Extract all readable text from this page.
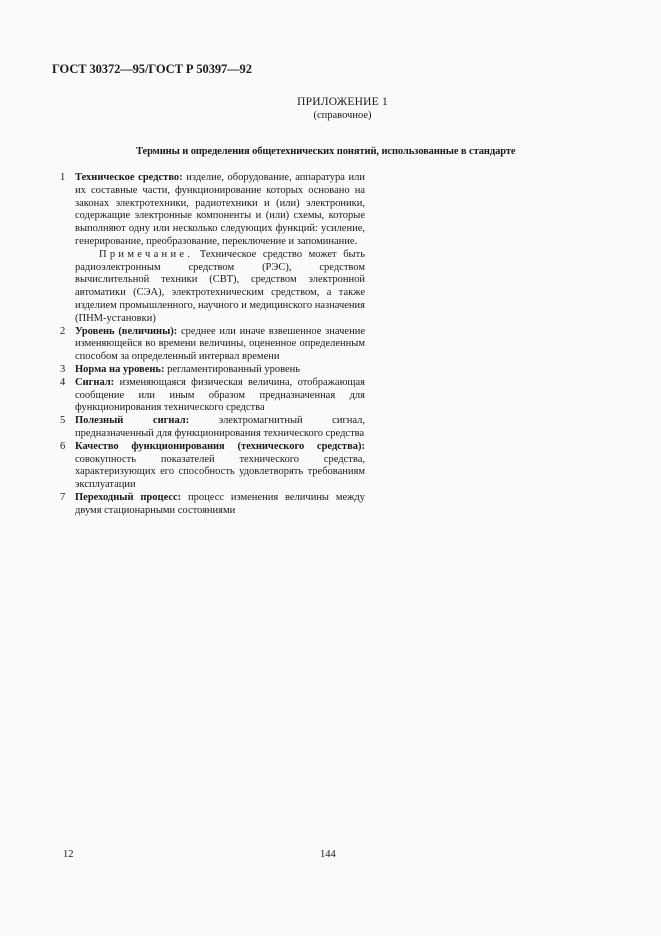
ГОСТ 30372—95/ГОСТ Р 50397—92
ПРИЛОЖЕНИЕ 1
(справочное)
Термины и определения общетехнических понятий, использованные в стандарте
1 Техническое средство: изделие, оборудование, аппаратура или их составные части, функционирование которых основано на законах электротехники, радиотехники и (или) электроники, содержащие электронные компоненты и (или) схемы, которые выполняют одну или несколько следующих функций: усиление, генерирование, преобразование, переключение и запоминание.
Примечание. Техническое средство может быть радиоэлектронным средством (РЭС), средством вычислительной техники (СВТ), средством электронной автоматики (СЭА), электротехническим средством, а также изделием промышленного, научного и медицинского назначения (ПНМ-установки)
2 Уровень (величины): среднее или иначе взвешенное значение изменяющейся во времени величины, оцененное определенным способом за определенный интервал времени
3 Норма на уровень: регламентированный уровень
4 Сигнал: изменяющаяся физическая величина, отображающая сообщение или иным образом предназначенная для функционирования технического средства
5 Полезный сигнал: электромагнитный сигнал, предназначенный для функционирования технического средства
6 Качество функционирования (технического средства): совокупность показателей технического средства, характеризующих его способность удовлетворять требованиям эксплуатации
7 Переходный процесс: процесс изменения величины между двумя стационарными состояниями
12	144
